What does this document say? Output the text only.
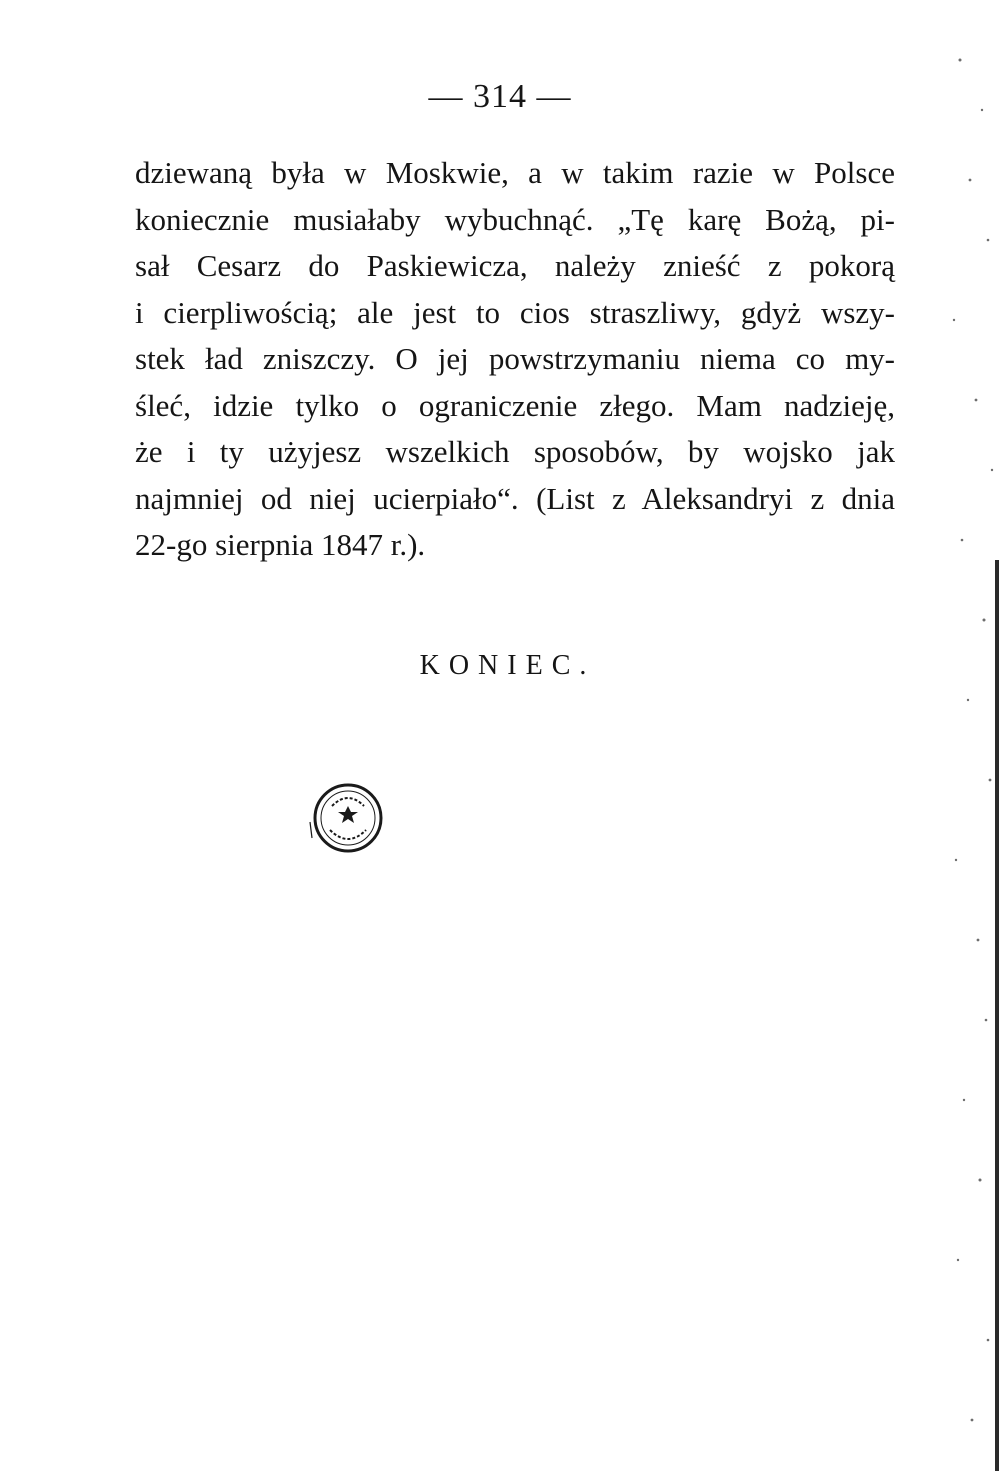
— 314 —
dziewaną była w Moskwie, a w takim razie w Polsce
koniecznie musiałaby wybuchnąć. „Tę karę Bożą, pi-
sał Cesarz do Paskiewicza, należy znieść z pokorą
i cierpliwością; ale jest to cios straszliwy, gdyż wszy-
stek ład zniszczy. O jej powstrzymaniu niema co my-
śleć, idzie tylko o ograniczenie złego. Mam nadzieję,
że i ty użyjesz wszelkich sposobów, by wojsko jak
najmniej od niej ucierpiało“. (List z Aleksandryi z dnia
22-go sierpnia 1847 r.).
KONIEC.
